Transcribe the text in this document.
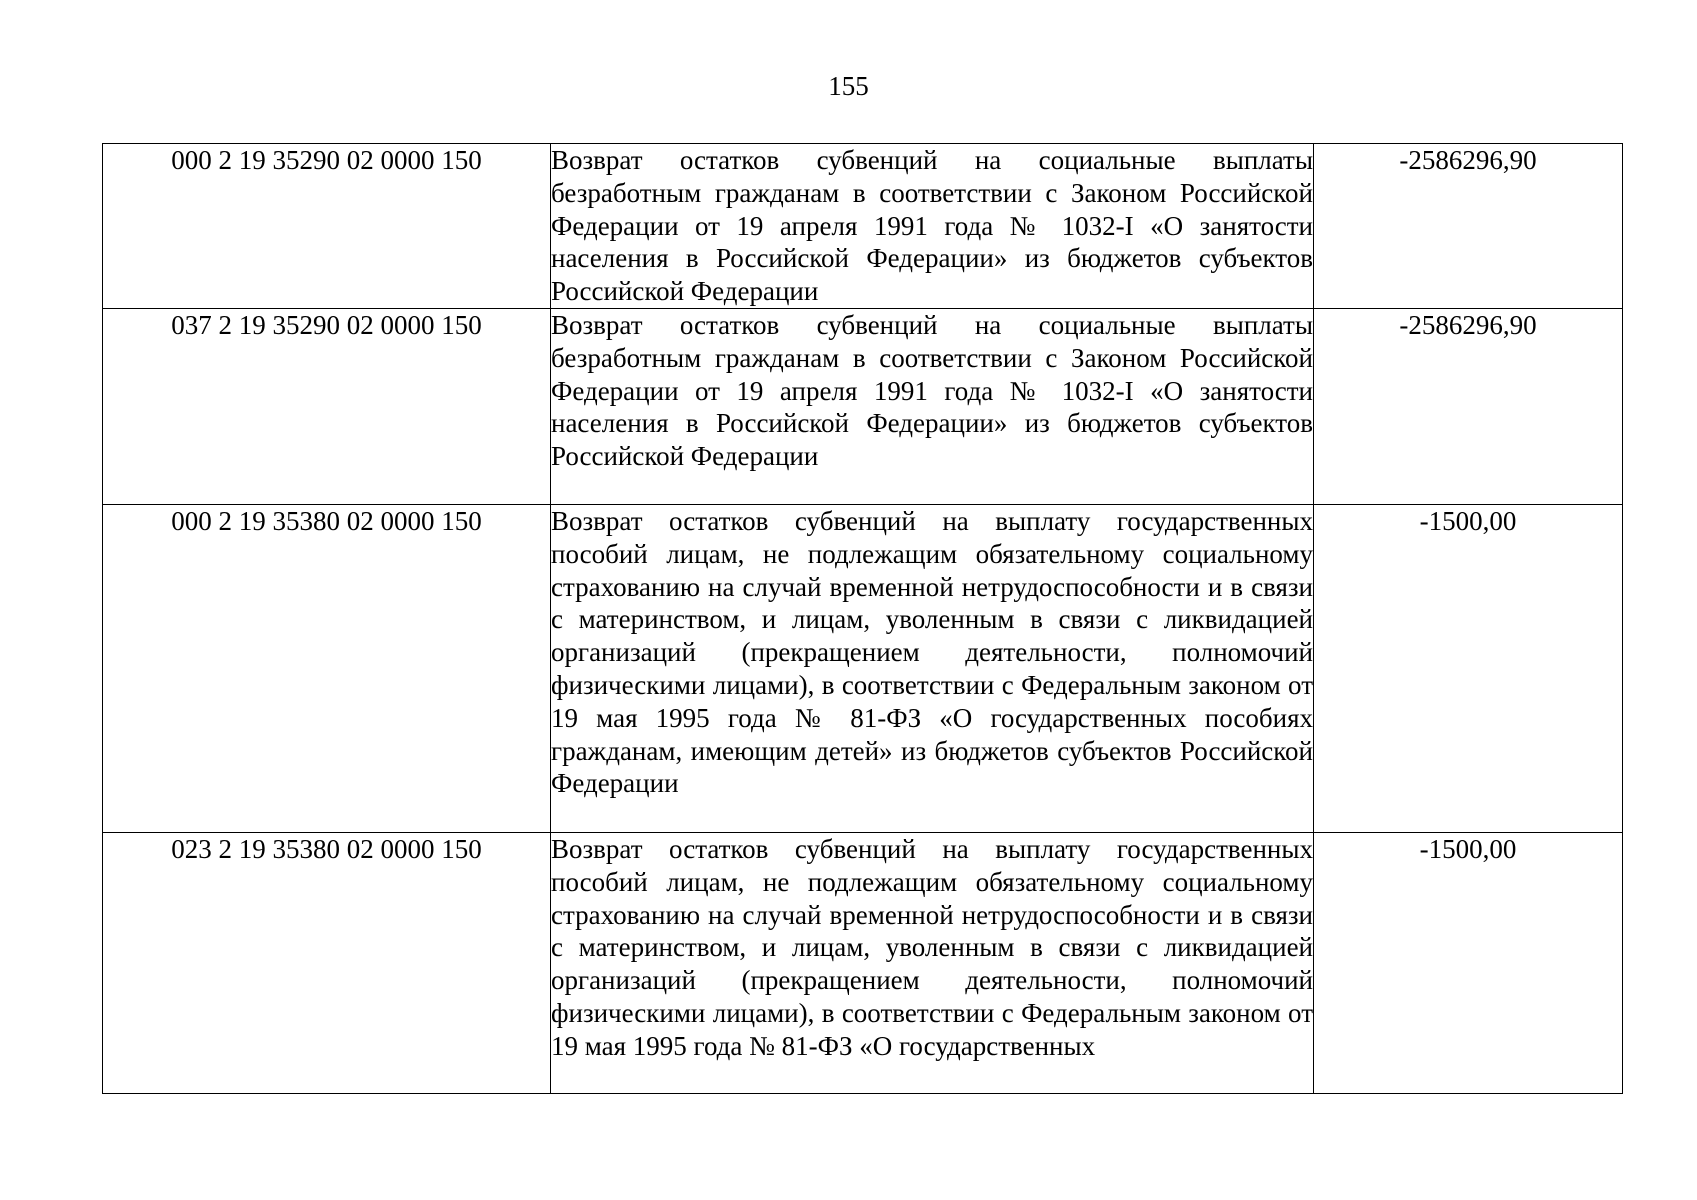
155
000 2 19 35290 02 0000 150	Возврат остатков субвенций на социальные выплаты безработным гражданам в соответствии с Законом Российской Федерации от 19 апреля 1991 года № 1032-I «О занятости населения в Российской Федерации» из бюджетов субъектов Российской Федерации	-2586296,90
037 2 19 35290 02 0000 150	Возврат остатков субвенций на социальные выплаты безработным гражданам в соответствии с Законом Российской Федерации от 19 апреля 1991 года № 1032-I «О занятости населения в Российской Федерации» из бюджетов субъектов Российской Федерации	-2586296,90
000 2 19 35380 02 0000 150	Возврат остатков субвенций на выплату государственных пособий лицам, не подлежащим обязательному социальному страхованию на случай временной нетрудоспособности и в связи с материнством, и лицам, уволенным в связи с ликвидацией организаций (прекращением деятельности, полномочий физическими лицами), в соответствии с Федеральным законом от 19 мая 1995 года № 81-ФЗ «О государственных пособиях гражданам, имеющим детей» из бюджетов субъектов Российской Федерации	-1500,00
023 2 19 35380 02 0000 150	Возврат остатков субвенций на выплату государственных пособий лицам, не подлежащим обязательному социальному страхованию на случай временной нетрудоспособности и в связи с материнством, и лицам, уволенным в связи с ликвидацией организаций (прекращением деятельности, полномочий физическими лицами), в соответствии с Федеральным законом от 19 мая 1995 года № 81-ФЗ «О государственных	-1500,00
